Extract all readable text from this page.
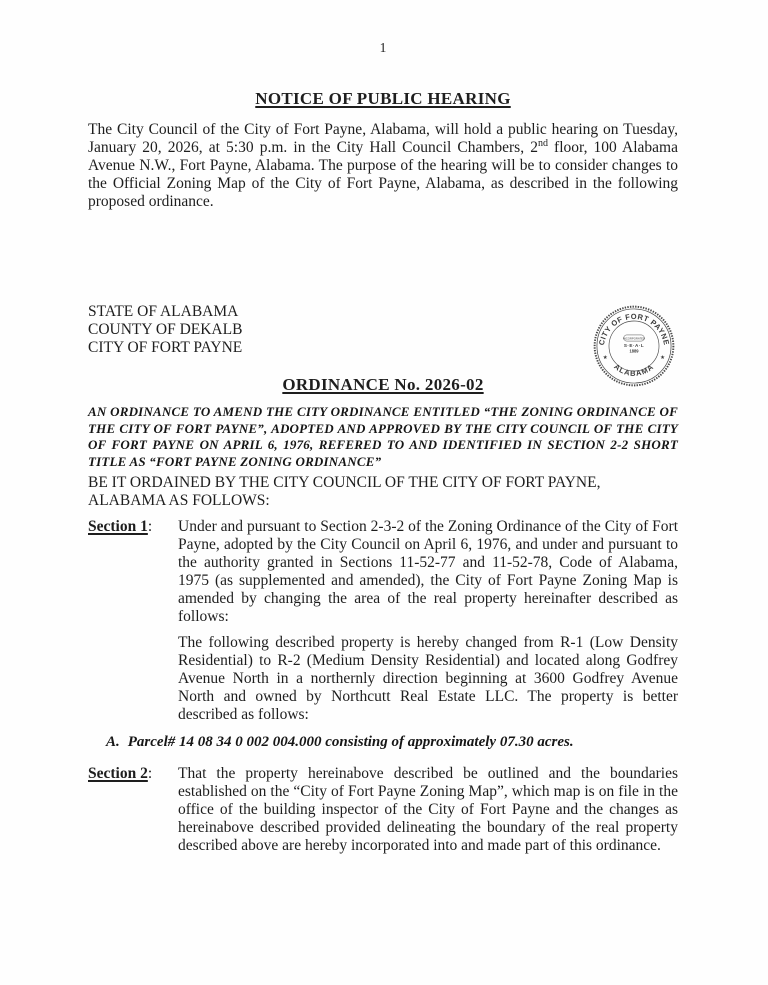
1
NOTICE OF PUBLIC HEARING

The City Council of the City of Fort Payne, Alabama, will hold a public hearing on Tuesday, January 20, 2026, at 5:30 p.m. in the City Hall Council Chambers, 2nd floor, 100 Alabama Avenue N.W., Fort Payne, Alabama. The purpose of the hearing will be to consider changes to the Official Zoning Map of the City of Fort Payne, Alabama, as described in the following proposed ordinance.

STATE OF ALABAMA
COUNTY OF DEKALB
CITY OF FORT PAYNE	CITY OF FORT PAYNE
ALABAMA
★	★
INCORPORATED
S·E·A·L
1889
ORDINANCE No. 2026-02

AN ORDINANCE TO AMEND THE CITY ORDINANCE ENTITLED “THE ZONING ORDINANCE OF THE CITY OF FORT PAYNE”, ADOPTED AND APPROVED BY THE CITY COUNCIL OF THE CITY OF FORT PAYNE ON APRIL 6, 1976, REFERED TO AND IDENTIFIED IN SECTION 2-2 SHORT TITLE AS “FORT PAYNE ZONING ORDINANCE”

BE IT ORDAINED BY THE CITY COUNCIL OF THE CITY OF FORT PAYNE, ALABAMA AS FOLLOWS:

Section 1:	Under and pursuant to Section 2-3-2 of the Zoning Ordinance of the City of Fort Payne, adopted by the City Council on April 6, 1976, and under and pursuant to the authority granted in Sections 11-52-77 and 11-52-78, Code of Alabama, 1975 (as supplemented and amended), the City of Fort Payne Zoning Map is amended by changing the area of the real property hereinafter described as follows:

The following described property is hereby changed from R-1 (Low Density Residential) to R-2 (Medium Density Residential) and located along Godfrey Avenue North in a northernly direction beginning at 3600 Godfrey Avenue North and owned by Northcutt Real Estate LLC. The property is better described as follows:

A. Parcel# 14 08 34 0 002 004.000 consisting of approximately 07.30 acres.

Section 2:	That the property hereinabove described be outlined and the boundaries established on the “City of Fort Payne Zoning Map”, which map is on file in the office of the building inspector of the City of Fort Payne and the changes as hereinabove described provided delineating the boundary of the real property described above are hereby incorporated into and made part of this ordinance.
